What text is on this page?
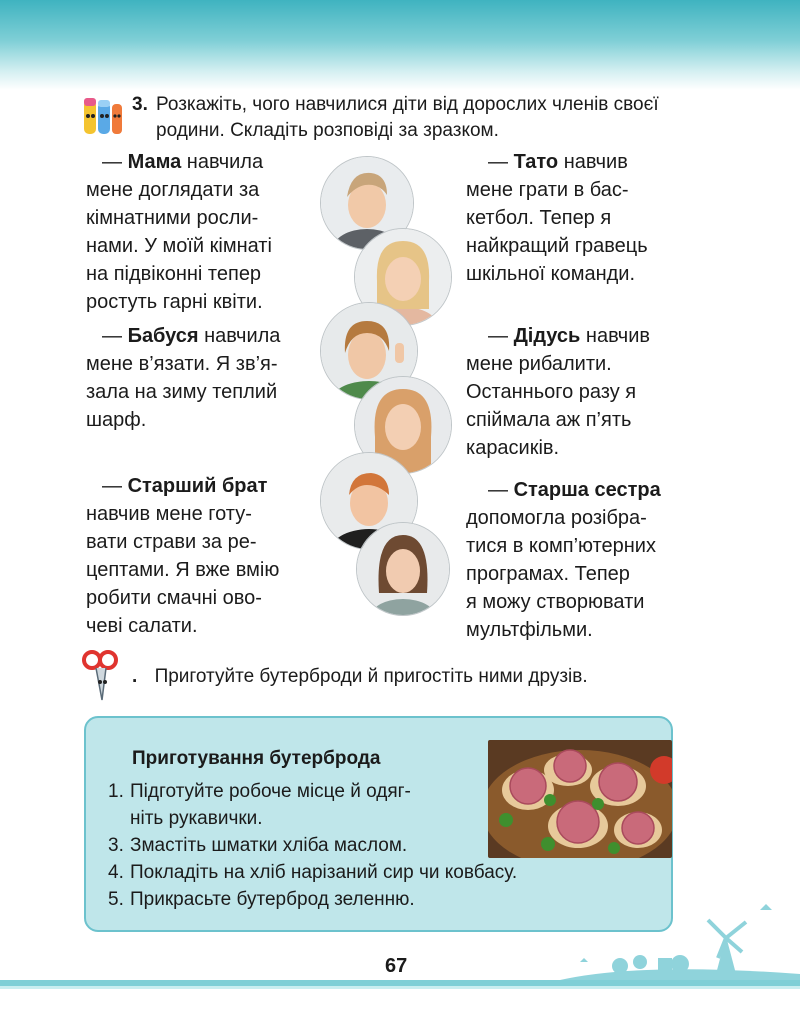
3. Розкажіть, чого навчилися діти від дорослих членів своєї родини. Складіть розповіді за зразком.
— Мама навчила
мене доглядати за
кімнатними росли-
нами. У моїй кімнаті
на підвіконні тепер
ростуть гарні квіти.
— Тато навчив
мене грати в бас-
кетбол. Тепер я
найкращий гравець
шкільної команди.
— Бабуся навчила
мене в’язати. Я зв’я-
зала на зиму теплий
шарф.
— Дідусь навчив
мене рибалити.
Останнього разу я
спіймала аж п’ять
карасиків.
— Старший брат
навчив мене готу-
вати страви за ре-
цептами. Я вже вмію
робити смачні ово-
чеві салати.
— Старша сестра
допомогла розібра-
тися в комп’ютерних
програмах. Тепер
я можу створювати
мультфільми.
. Приготуйте бутерброди й пригостіть ними друзів.
Приготування бутерброда
1. Підготуйте робоче місце й одяг-
ніть рукавички.
3. Змастіть шматки хліба маслом.
4. Покладіть на хліб нарізаний сир чи ковбасу.
5. Прикрасьте бутерброд зеленню.
67
